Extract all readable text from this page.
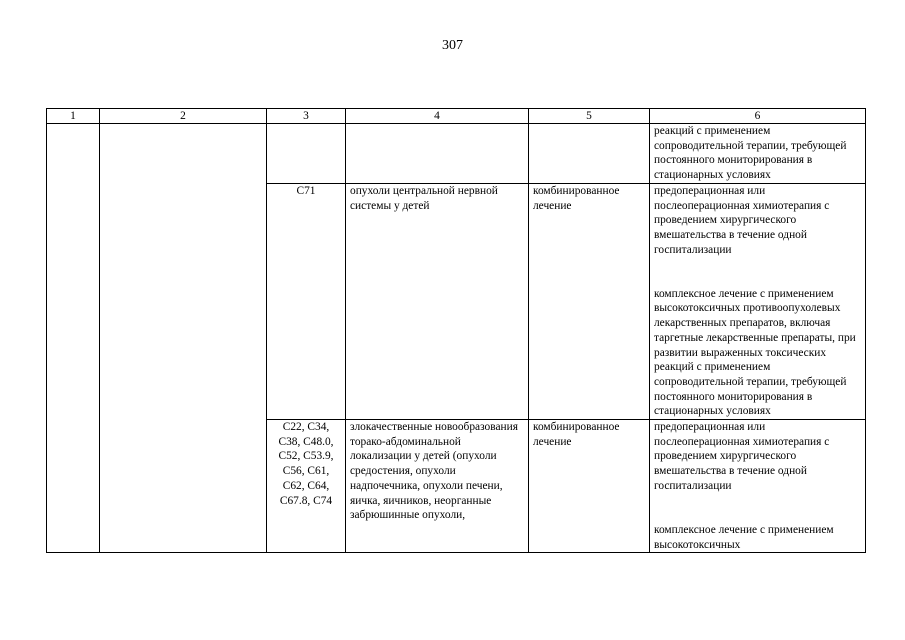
307
1	2	3	4	5	6
					реакций с применением сопроводительной терапии, требующей постоянного мониторирования в стационарных условиях
		C71	опухоли центральной нервной системы у детей	комбинированное лечение	предоперационная или послеоперационная химиотерапия с проведением хирургического вмешательства в течение одной госпитализации
комплексное лечение с применением высокотоксичных противоопухолевых лекарственных препаратов, включая таргетные лекарственные препараты, при развитии выраженных токсических реакций с применением сопроводительной терапии, требующей постоянного мониторирования в стационарных условиях
		C22, C34, C38, C48.0, C52, C53.9, C56, C61, C62, C64, C67.8, C74	злокачественные новообразования торако-абдоминальной локализации у детей (опухоли средостения, опухоли надпочечника, опухоли печени, яичка, яичников, неорганные забрюшинные опухоли,	комбинированное лечение	предоперационная или послеоперационная химиотерапия с проведением хирургического вмешательства в течение одной госпитализации
комплексное лечение с применением высокотоксичных
